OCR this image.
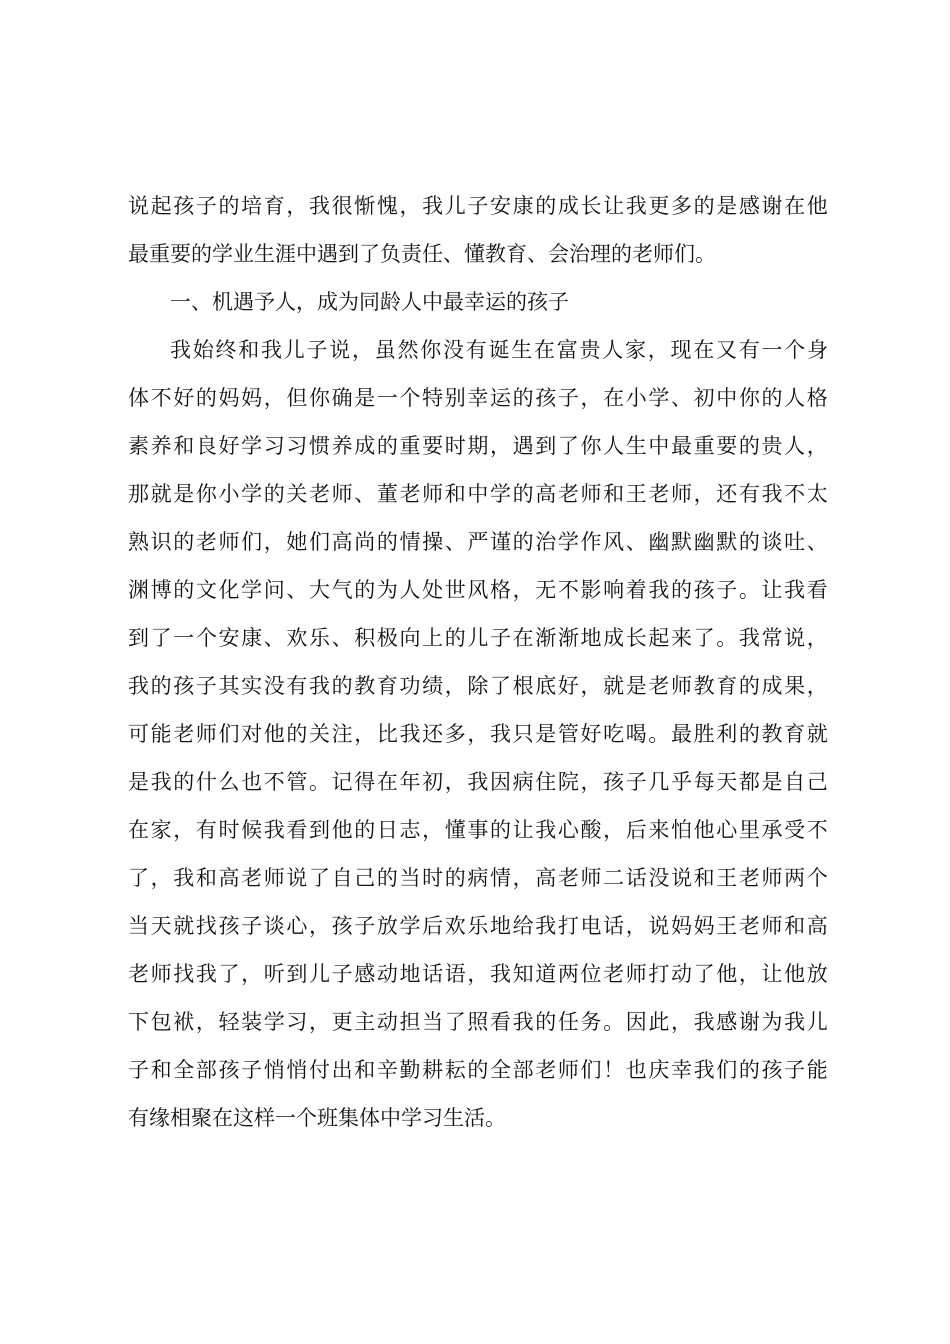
说 起 孩 子 的 培 育 ， 我 很 惭 愧 ， 我 儿 子 安 康 的 成 长 让 我 更 多 的 是 感 谢 在 他
最重要的学业生涯中遇到了负责任、懂教育、会治理的老师们。
一、机遇予人，成为同龄人中最幸运的孩子
我 始 终 和 我 儿 子 说 ， 虽 然 你 没 有 诞 生 在 富 贵 人 家 ， 现 在 又 有 一 个 身
体 不 好 的 妈 妈 ， 但 你 确 是 一 个 特 别 幸 运 的 孩 子 ， 在 小 学 、 初 中 你 的 人 格
素 养 和 良 好 学 习 习 惯 养 成 的 重 要 时 期 ， 遇 到 了 你 人 生 中 最 重 要 的 贵 人 ，
那 就 是 你 小 学 的 关 老 师 、 董 老 师 和 中 学 的 高 老 师 和 王 老 师 ， 还 有 我 不 太
熟 识 的 老 师 们 ， 她 们 高 尚 的 情 操 、 严 谨 的 治 学 作 风 、 幽 默 幽 默 的 谈 吐 、
渊 博 的 文 化 学 问 、 大 气 的 为 人 处 世 风 格 ， 无 不 影 响 着 我 的 孩 子 。 让 我 看
到 了 一 个 安 康 、 欢 乐 、 积 极 向 上 的 儿 子 在 渐 渐 地 成 长 起 来 了 。 我 常 说 ，
我 的 孩 子 其 实 没 有 我 的 教 育 功 绩 ， 除 了 根 底 好 ， 就 是 老 师 教 育 的 成 果 ，
可 能 老 师 们 对 他 的 关 注 ， 比 我 还 多 ， 我 只 是 管 好 吃 喝 。 最 胜 利 的 教 育 就
是 我 的 什 么 也 不 管 。 记 得 在 年 初 ， 我 因 病 住 院 ， 孩 子 几 乎 每 天 都 是 自 己
在 家 ， 有 时 候 我 看 到 他 的 日 志 ， 懂 事 的 让 我 心 酸 ， 后 来 怕 他 心 里 承 受 不
了 ， 我 和 高 老 师 说 了 自 己 的 当 时 的 病 情 ， 高 老 师 二 话 没 说 和 王 老 师 两 个
当 天 就 找 孩 子 谈 心 ， 孩 子 放 学 后 欢 乐 地 给 我 打 电 话 ， 说 妈 妈 王 老 师 和 高
老 师 找 我 了 ， 听 到 儿 子 感 动 地 话 语 ， 我 知 道 两 位 老 师 打 动 了 他 ， 让 他 放
下 包 袱 ， 轻 装 学 习 ， 更 主 动 担 当 了 照 看 我 的 任 务 。 因 此 ， 我 感 谢 为 我 儿
子 和 全 部 孩 子 悄 悄 付 出 和 辛 勤 耕 耘 的 全 部 老 师 们 ！ 也 庆 幸 我 们 的 孩 子 能
有缘相聚在这样一个班集体中学习生活。
